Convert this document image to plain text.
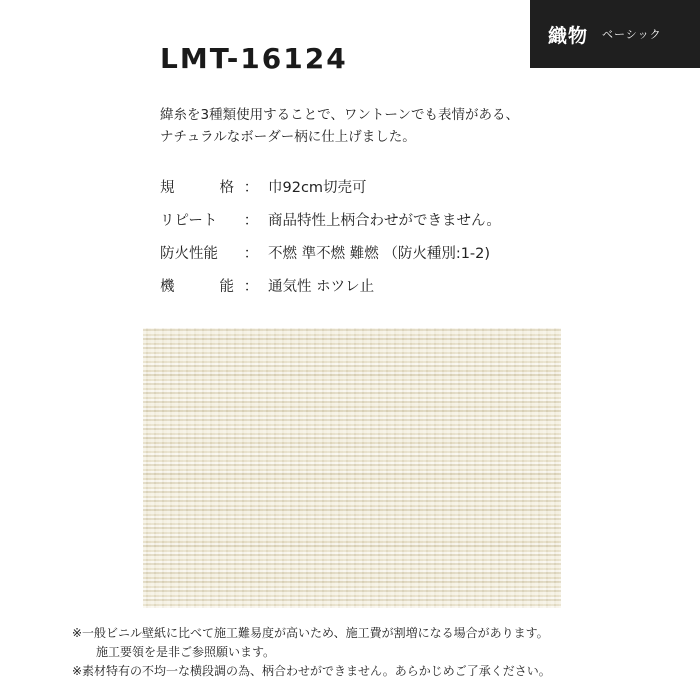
織物 ベーシック
LMT-16124
緯糸を3種類使用することで、ワントーンでも表情がある、
ナチュラルなボーダー柄に仕上げました。
規	格 ： 巾92cm切売可
リピート	： 商品特性上柄合わせができません。
防火性能	： 不燃 準不燃 難燃 （防火種別:1-2)
機	能 ： 通気性 ホツレ止
※一般ビニル壁紙に比べて施工難易度が高いため、施工費が割増になる場合があります。
施工要領を是非ご参照願います。
※素材特有の不均一な横段調の為、柄合わせができません。あらかじめご了承ください。
